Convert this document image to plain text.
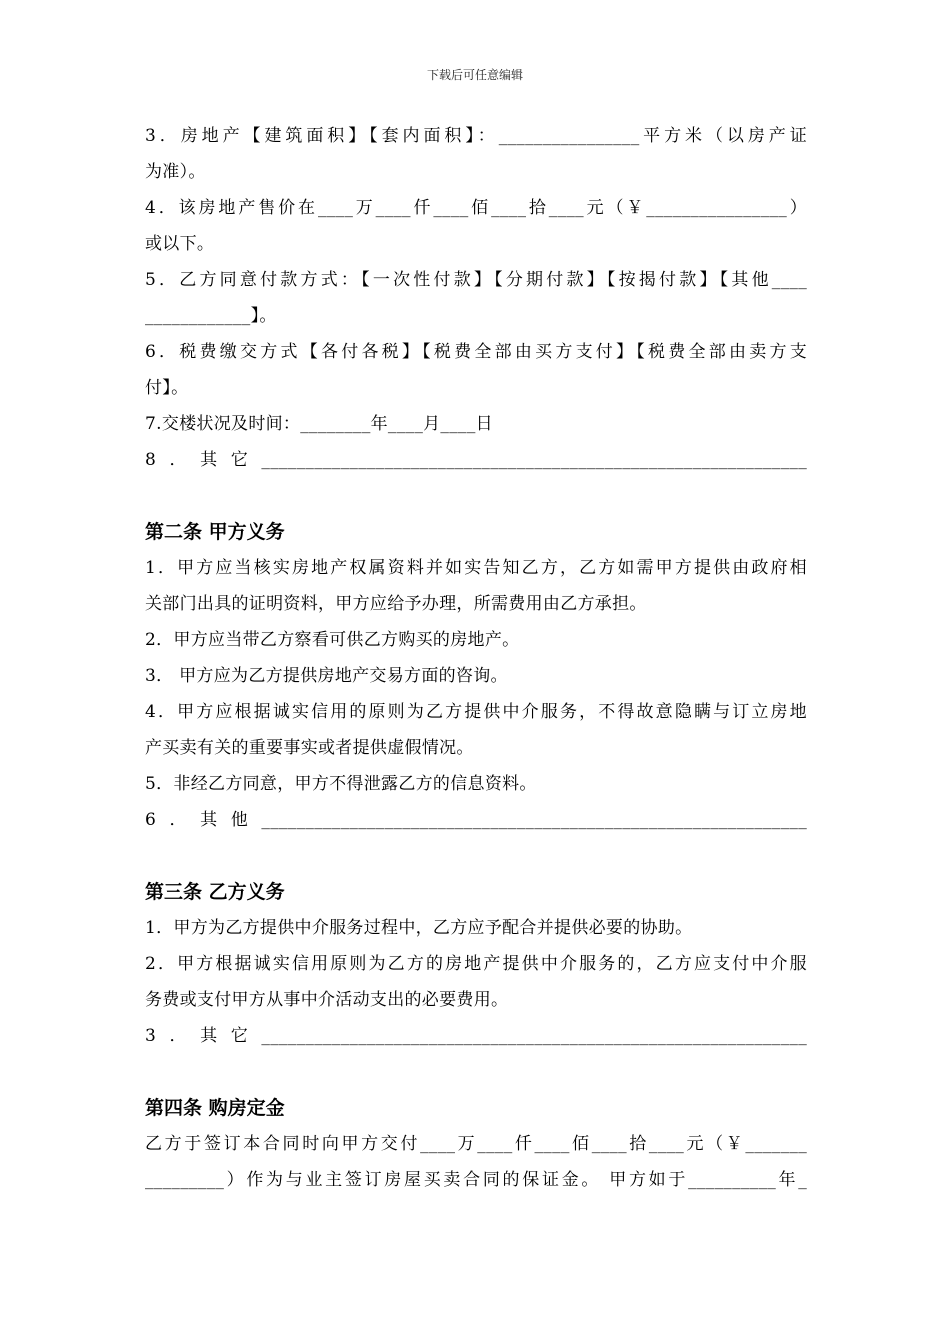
下载后可任意编辑
3．房地产【建筑面积】【套内面积】：________________平方米（以房产证
为准）。
4．该房地产售价在____万____仟____佰____拾____元（￥________________）
或以下。
5．乙方同意付款方式：【一次性付款】【分期付款】【按揭付款】【其他____
____________】。
6．税费缴交方式【各付各税】【税费全部由买方支付】【税费全部由卖方支
付】。
7.交楼状况及时间：________年____月____日
8．其它______________________________________________________________
第二条 甲方义务
1．甲方应当核实房地产权属资料并如实告知乙方，乙方如需甲方提供由政府相
关部门出具的证明资料，甲方应给予办理，所需费用由乙方承担。
2．甲方应当带乙方察看可供乙方购买的房地产。
3． 甲方应为乙方提供房地产交易方面的咨询。
4．甲方应根据诚实信用的原则为乙方提供中介服务，不得故意隐瞒与订立房地
产买卖有关的重要事实或者提供虚假情况。
5．非经乙方同意，甲方不得泄露乙方的信息资料。
6．其他______________________________________________________________
第三条 乙方义务
1．甲方为乙方提供中介服务过程中，乙方应予配合并提供必要的协助。
2．甲方根据诚实信用原则为乙方的房地产提供中介服务的，乙方应支付中介服
务费或支付甲方从事中介活动支出的必要费用。
3．其它______________________________________________________________
第四条 购房定金
乙方于签订本合同时向甲方交付____万____仟____佰____拾____元（￥_______
_________）作为与业主签订房屋买卖合同的保证金。 甲方如于__________年_
